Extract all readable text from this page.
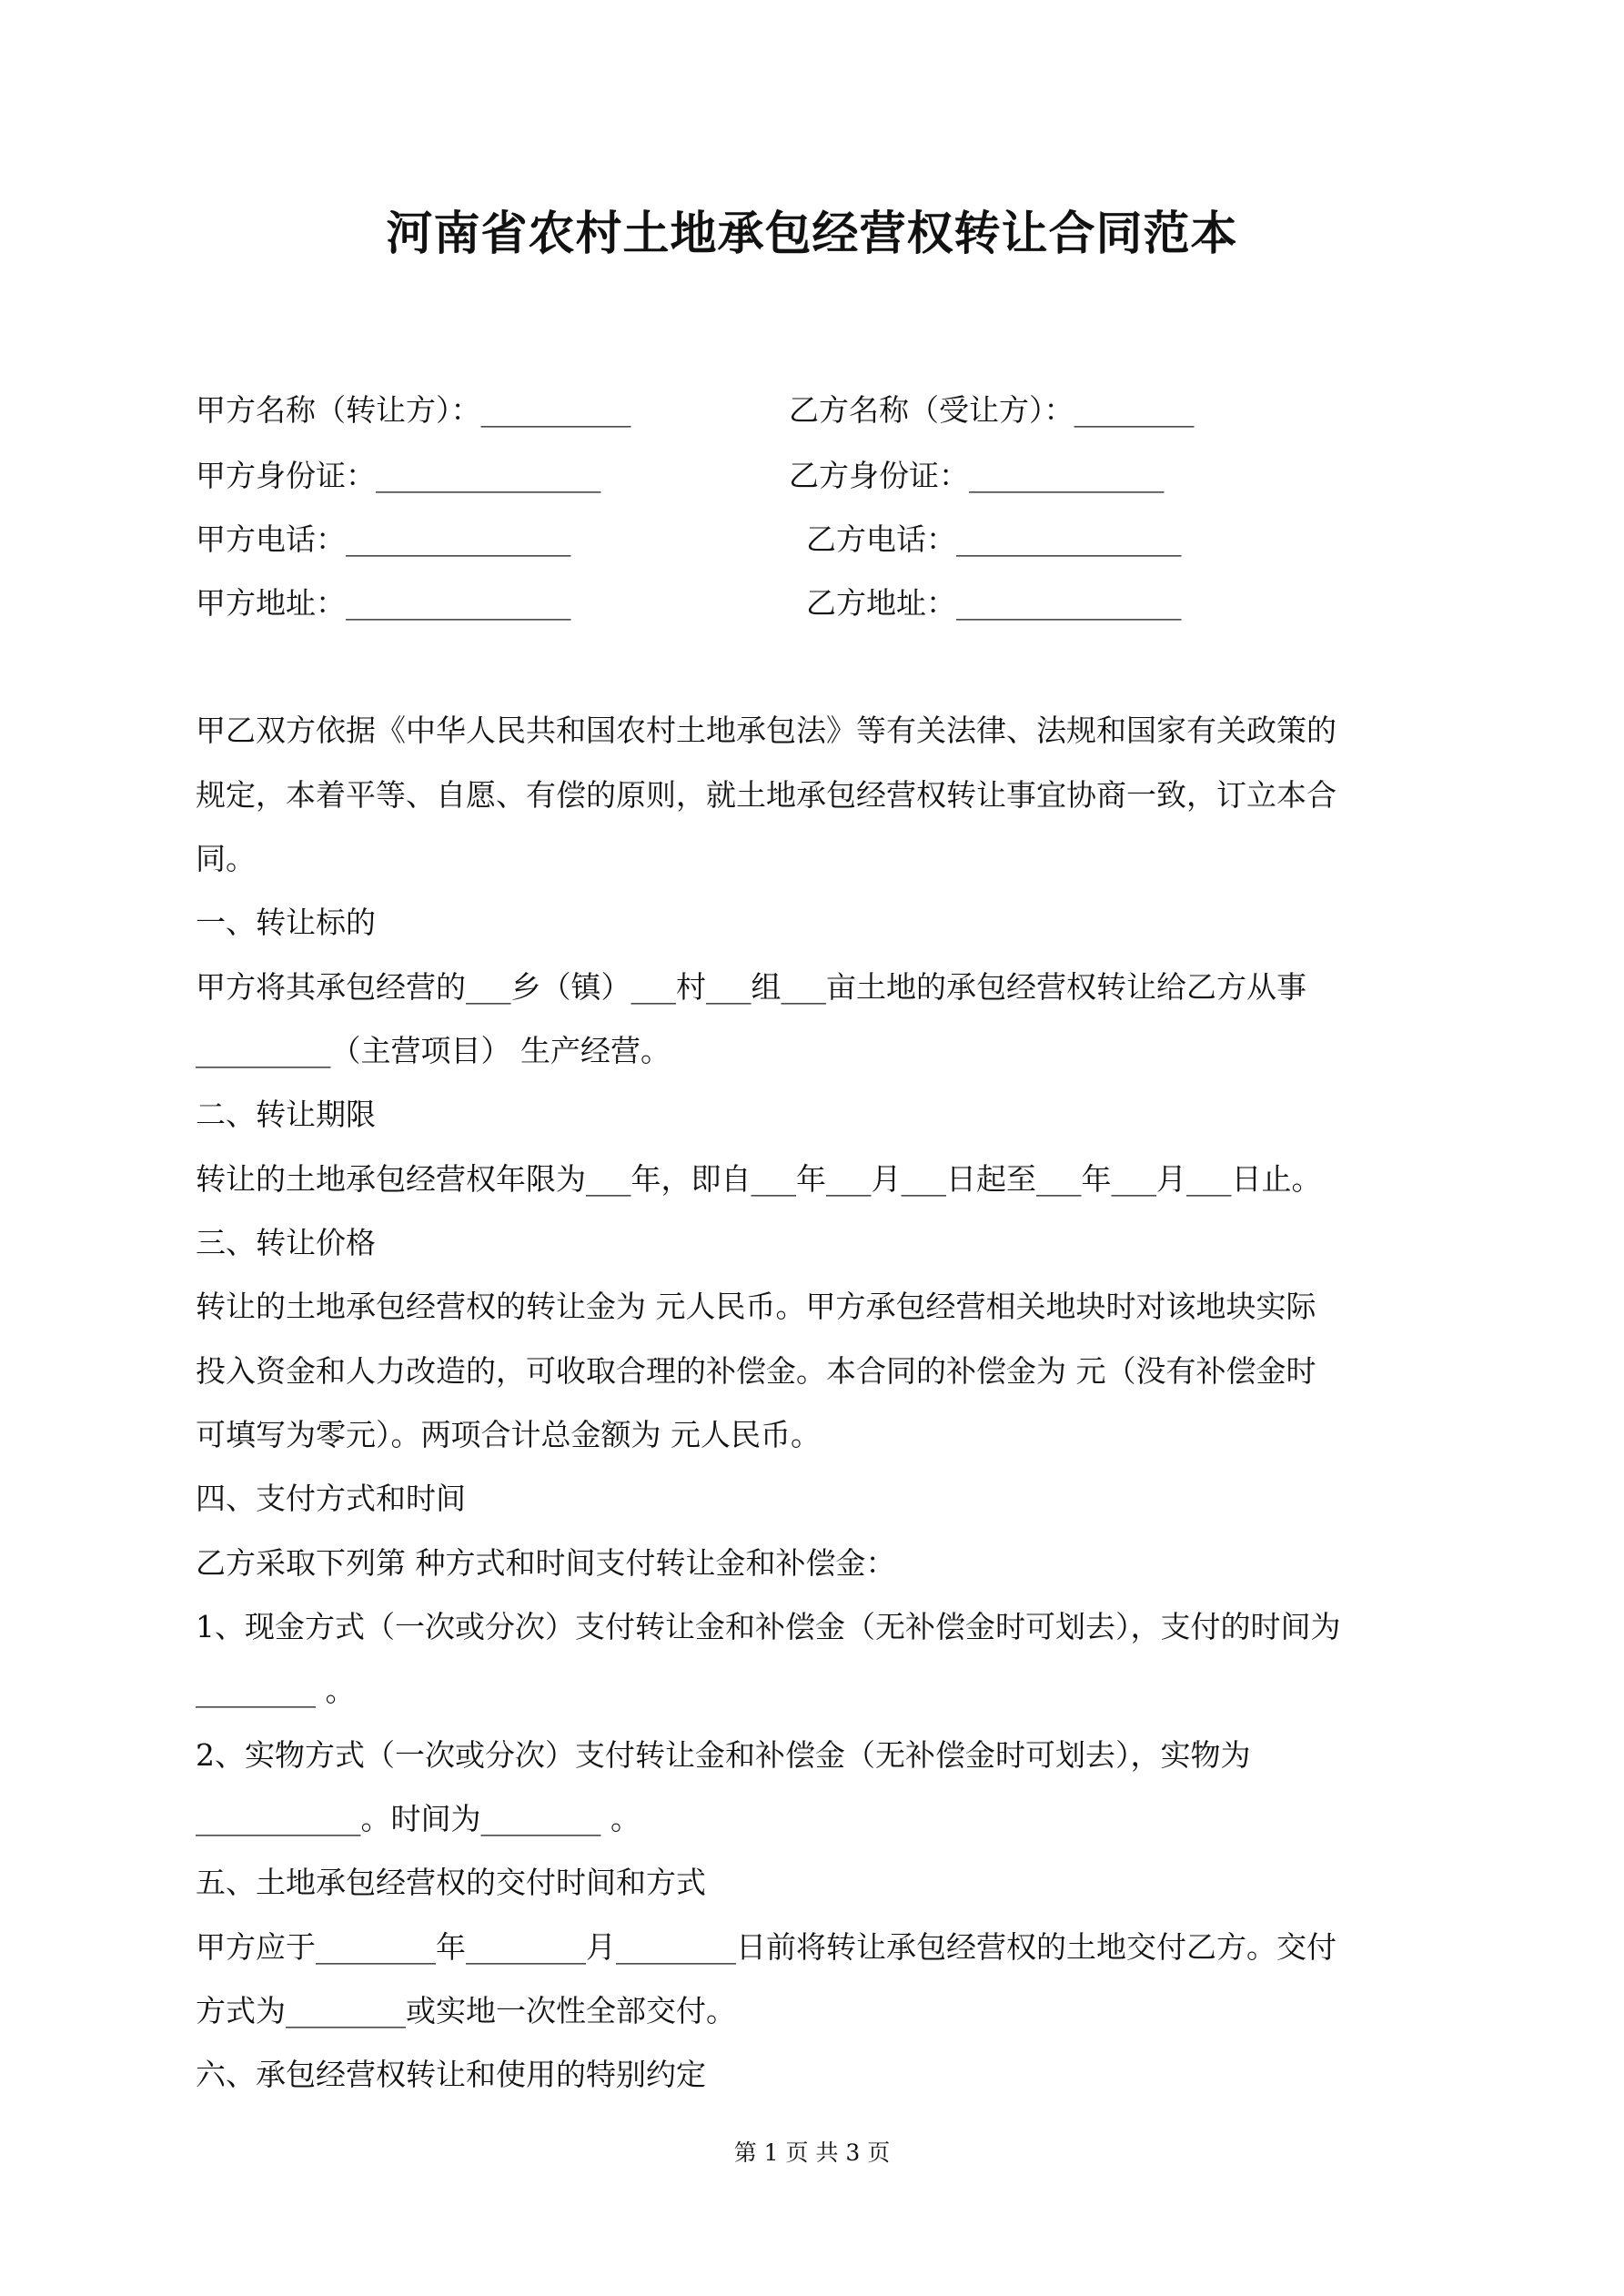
河南省农村土地承包经营权转让合同范本
甲方名称（转让方）：__________	乙方名称（受让方）：________
甲方身份证：_______________	乙方身份证：_____________
甲方电话：_______________	乙方电话：_______________
甲方地址：_______________	乙方地址：_______________
甲乙双方依据《中华人民共和国农村土地承包法》等有关法律、法规和国家有关政策的
规定，本着平等、自愿、有偿的原则，就土地承包经营权转让事宜协商一致，订立本合
同。
一、转让标的
甲方将其承包经营的___乡（镇）___村___组___亩土地的承包经营权转让给乙方从事
_________（主营项目） 生产经营。
二、转让期限
转让的土地承包经营权年限为___年，即自___年___月___日起至___年___月___日止。
三、转让价格
转让的土地承包经营权的转让金为 元人民币。甲方承包经营相关地块时对该地块实际
投入资金和人力改造的，可收取合理的补偿金。本合同的补偿金为 元（没有补偿金时
可填写为零元）。两项合计总金额为 元人民币。
四、支付方式和时间
乙方采取下列第 种方式和时间支付转让金和补偿金：
1、现金方式（一次或分次）支付转让金和补偿金（无补偿金时可划去），支付的时间为
________ 。
2、实物方式（一次或分次）支付转让金和补偿金（无补偿金时可划去），实物为
___________。时间为________ 。
五、土地承包经营权的交付时间和方式
甲方应于________年________月________日前将转让承包经营权的土地交付乙方。交付
方式为________或实地一次性全部交付。
六、承包经营权转让和使用的特别约定
第 1 页 共 3 页
